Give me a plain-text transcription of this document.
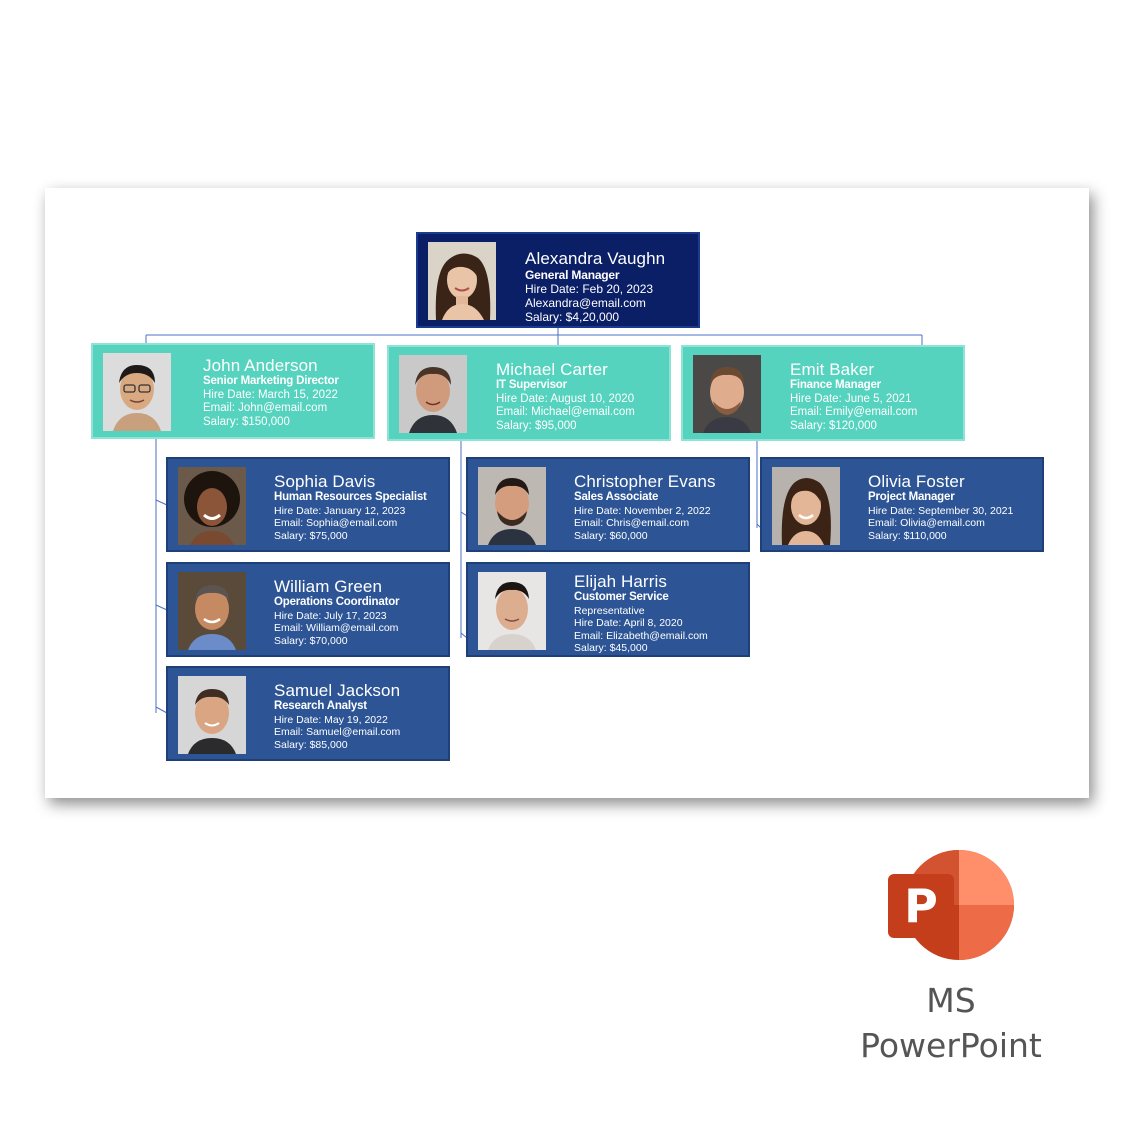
Alexandra Vaughn
General Manager
Hire Date: Feb 20, 2023
Alexandra@email.com
Salary: $4,20,000
John Anderson
Senior Marketing Director
Hire Date: March 15, 2022
Email: John@email.com
Salary: $150,000
Michael Carter
IT Supervisor
Hire Date: August 10, 2020
Email: Michael@email.com
Salary: $95,000
Emit Baker
Finance Manager
Hire Date: June 5, 2021
Email: Emily@email.com
Salary: $120,000
Sophia Davis
Human Resources Specialist
Hire Date: January 12, 2023
Email: Sophia@email.com
Salary: $75,000
William Green
Operations Coordinator
Hire Date: July 17, 2023
Email: William@email.com
Salary: $70,000
Samuel Jackson
Research Analyst
Hire Date: May 19, 2022
Email: Samuel@email.com
Salary: $85,000
Christopher Evans
Sales Associate
Hire Date: November 2, 2022
Email: Chris@email.com
Salary: $60,000
Elijah Harris
Customer Service
Representative
Hire Date: April 8, 2020
Email: Elizabeth@email.com
Salary: $45,000
Olivia Foster
Project Manager
Hire Date: September 30, 2021
Email: Olivia@email.com
Salary: $110,000
P
MS
PowerPoint
